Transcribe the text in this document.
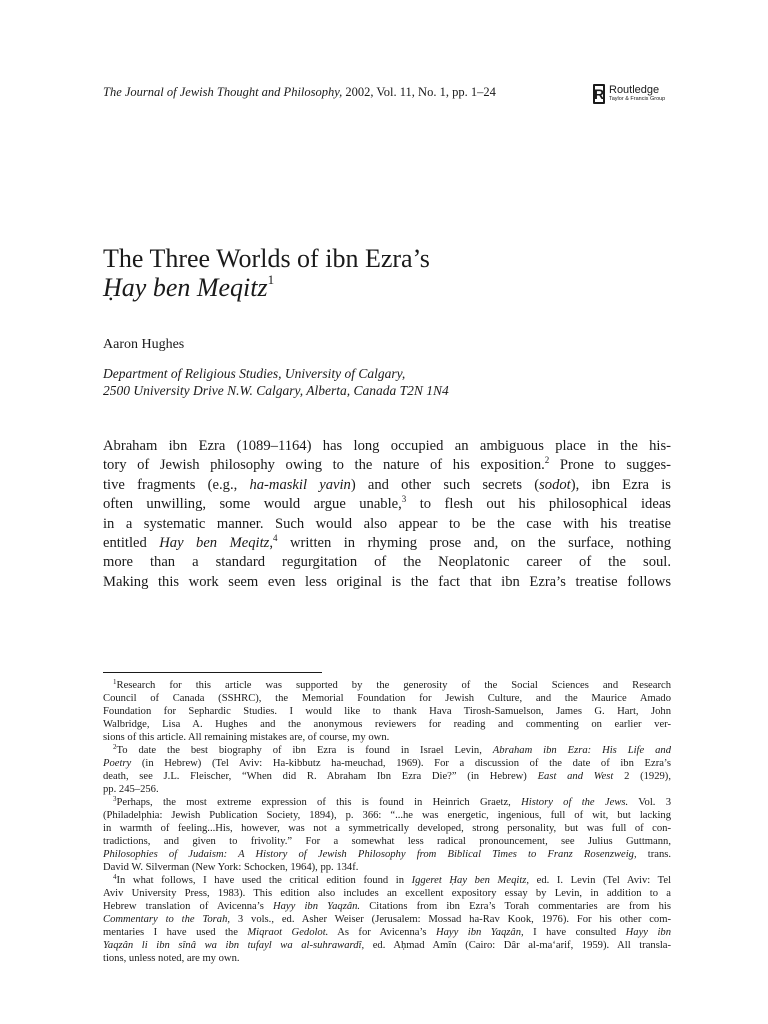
The Journal of Jewish Thought and Philosophy, 2002, Vol. 11, No. 1, pp. 1–24	R Routledge
Taylor & Francis Group
The Three Worlds of ibn Ezra’s
Ḥay ben Meqitz$^1$
Aaron Hughes
Department of Religious Studies, University of Calgary,
2500 University Drive N.W. Calgary, Alberta, Canada T2N 1N4
Abraham ibn Ezra (1089–1164) has long occupied an ambiguous place in the his-
tory of Jewish philosophy owing to the nature of his exposition.$^2$ Prone to sugges-
tive fragments (e.g., ha-maskil yavin) and other such secrets (sodot), ibn Ezra is
often unwilling, some would argue unable,$^3$ to flesh out his philosophical ideas
in a systematic manner. Such would also appear to be the case with his treatise
entitled Hay ben Meqitz,$^4$ written in rhyming prose and, on the surface, nothing
more than a standard regurgitation of the Neoplatonic career of the soul.
Making this work seem even less original is the fact that ibn Ezra’s treatise follows
$^1$Research for this article was supported by the generosity of the Social Sciences and Research
Council of Canada (SSHRC), the Memorial Foundation for Jewish Culture, and the Maurice Amado
Foundation for Sephardic Studies. I would like to thank Hava Tirosh-Samuelson, James G. Hart, John
Walbridge, Lisa A. Hughes and the anonymous reviewers for reading and commenting on earlier ver-
sions of this article. All remaining mistakes are, of course, my own.
$^2$To date the best biography of ibn Ezra is found in Israel Levin, Abraham ibn Ezra: His Life and
Poetry (in Hebrew) (Tel Aviv: Ha-kibbutz ha-meuchad, 1969). For a discussion of the date of ibn Ezra’s
death, see J.L. Fleischer, “When did R. Abraham Ibn Ezra Die?” (in Hebrew) East and West 2 (1929),
pp. 245–256.
$^3$Perhaps, the most extreme expression of this is found in Heinrich Graetz, History of the Jews. Vol. 3
(Philadelphia: Jewish Publication Society, 1894), p. 366: “...he was energetic, ingenious, full of wit, but lacking
in warmth of feeling...His, however, was not a symmetrically developed, strong personality, but was full of con-
tradictions, and given to frivolity.” For a somewhat less radical pronouncement, see Julius Guttmann,
Philosophies of Judaism: A History of Jewish Philosophy from Biblical Times to Franz Rosenzweig, trans.
David W. Silverman (New York: Schocken, 1964), pp. 134f.
$^4$In what follows, I have used the critical edition found in Iggeret Ḥay ben Meqitz, ed. I. Levin (Tel Aviv: Tel
Aviv University Press, 1983). This edition also includes an excellent expository essay by Levin, in addition to a
Hebrew translation of Avicenna’s Hayy ibn Yaqzân. Citations from ibn Ezra’s Torah commentaries are from his
Commentary to the Torah, 3 vols., ed. Asher Weiser (Jerusalem: Mossad ha-Rav Kook, 1976). For his other com-
mentaries I have used the Miqraot Gedolot. As for Avicenna’s Hayy ibn Yaqzân, I have consulted Hayy ibn
Yaqzân li ibn sînâ wa ibn tufayl wa al-suhrawardî, ed. Aḥmad Amîn (Cairo: Dâr al-ma‘arif, 1959). All transla-
tions, unless noted, are my own.
